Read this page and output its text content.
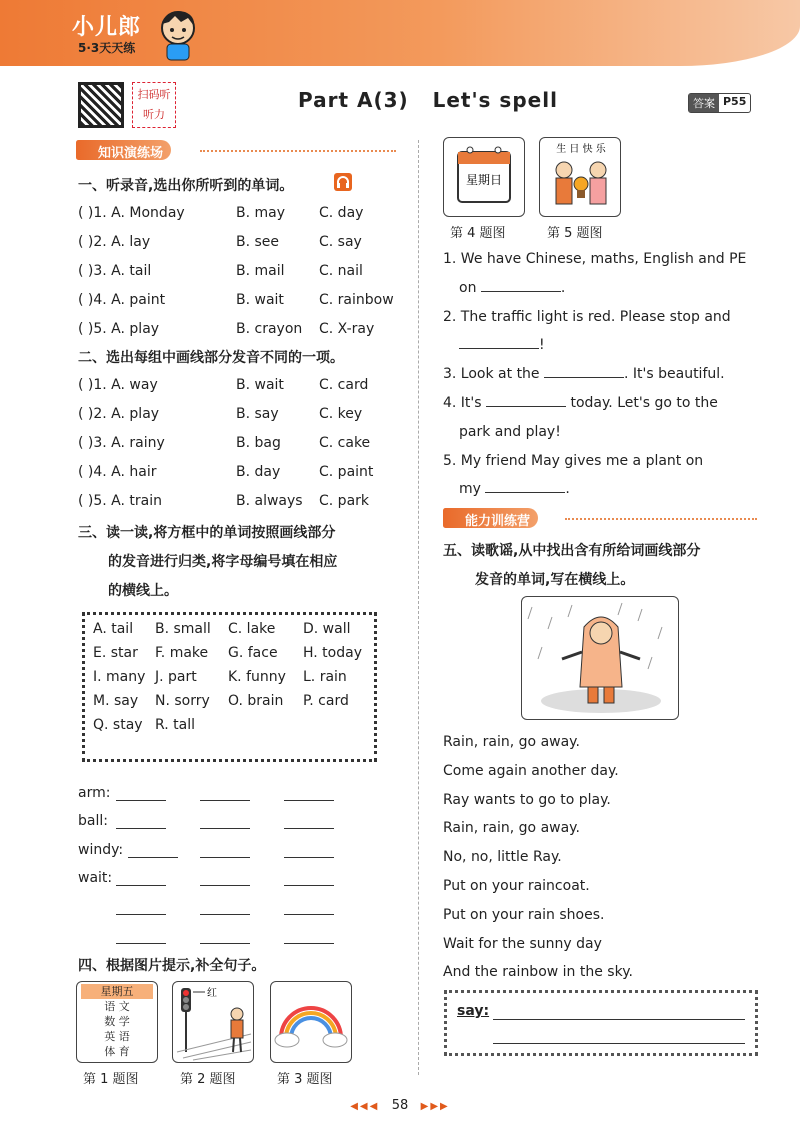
小儿郎
5·3天天练
扫码听听力
Part A(3)   Let's spell	答案 P55
知识演练场
一、听录音,选出你所听到的单词。
( )1. A. Monday	B. may	C. day
( )2. A. lay	B. see	C. say
( )3. A. tail	B. mail	C. nail
( )4. A. paint	B. wait	C. rainbow
( )5. A. play	B. crayon	C. X-ray
二、选出每组中画线部分发音不同的一项。
( )1. A. way	B. wait	C. card
( )2. A. play	B. say	C. key
( )3. A. rainy	B. bag	C. cake
( )4. A. hair	B. day	C. paint
( )5. A. train	B. always	C. park
三、读一读,将方框中的单词按照画线部分
的发音进行归类,将字母编号填在相应
的横线上。
A. tail	B. small	C. lake	D. wall
E. star	F. make	G. face	H. today
I. many J. part	K. funny	L. rain
M. say	N. sorry	O. brain	P. card
Q. stay R. tall
arm:
ball:
windy:
wait:
四、根据图片提示,补全句子。
星期五
语 文
数 学
英 语
体 育
第 1 题图
红
第 2 题图	第 3 题图
星期日
第 4 题图
生 日 快 乐
第 5 题图
1. We have Chinese, maths, English and PE
on	.
2. The traffic light is red. Please stop and
!
3. Look at the	. It's beautiful.
4. It's	today. Let's go to the
park and play!
5. My friend May gives me a plant on
my	.
能力训练营
五、读歌谣,从中找出含有所给词画线部分
发音的单词,写在横线上。
Rain, rain, go away.
Come again another day.
Ray wants to go to play.
Rain, rain, go away.
No, no, little Ray.
Put on your raincoat.
Put on your rain shoes.
Wait for the sunny day
And the rainbow in the sky.
say:
◀◀◀ 58 ▶▶▶
